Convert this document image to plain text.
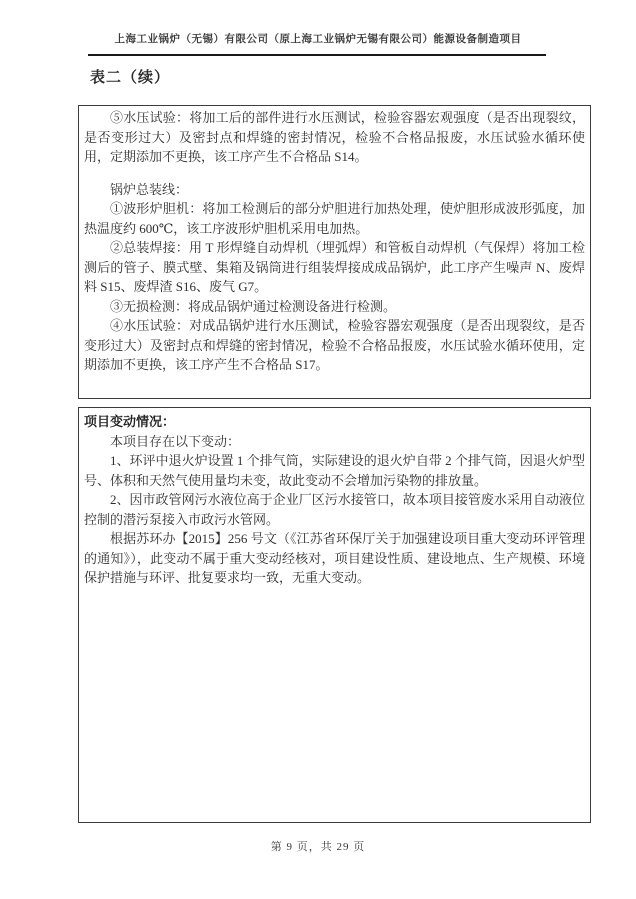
上海工业锅炉（无锡）有限公司（原上海工业锅炉无锡有限公司）能源设备制造项目
表二（续）

⑤水压试验：将加工后的部件进行水压测试，检验容器宏观强度（是否出现裂纹，是否变形过大）及密封点和焊缝的密封情况，检验不合格品报废，水压试验水循环使用，定期添加不更换，该工序产生不合格品 S14。

锅炉总装线：

①波形炉胆机：将加工检测后的部分炉胆进行加热处理，使炉胆形成波形弧度，加热温度约 600℃，该工序波形炉胆机采用电加热。

②总装焊接：用 T 形焊缝自动焊机（埋弧焊）和管板自动焊机（气保焊）将加工检测后的管子、膜式壁、集箱及锅筒进行组装焊接成成品锅炉，此工序产生噪声 N、废焊料 S15、废焊渣 S16、废气 G7。

③无损检测：将成品锅炉通过检测设备进行检测。

④水压试验：对成品锅炉进行水压测试，检验容器宏观强度（是否出现裂纹，是否变形过大）及密封点和焊缝的密封情况，检验不合格品报废，水压试验水循环使用，定期添加不更换，该工序产生不合格品 S17。

项目变动情况：

本项目存在以下变动：

1、环评中退火炉设置 1 个排气筒，实际建设的退火炉自带 2 个排气筒，因退火炉型号、体积和天然气使用量均未变，故此变动不会增加污染物的排放量。

2、因市政管网污水液位高于企业厂区污水接管口，故本项目接管废水采用自动液位控制的潜污泵接入市政污水管网。

根据苏环办【2015】256 号文（《江苏省环保厅关于加强建设项目重大变动环评管理的通知》），此变动不属于重大变动经核对，项目建设性质、建设地点、生产规模、环境保护措施与环评、批复要求均一致，无重大变动。

第 9 页，共 29 页
